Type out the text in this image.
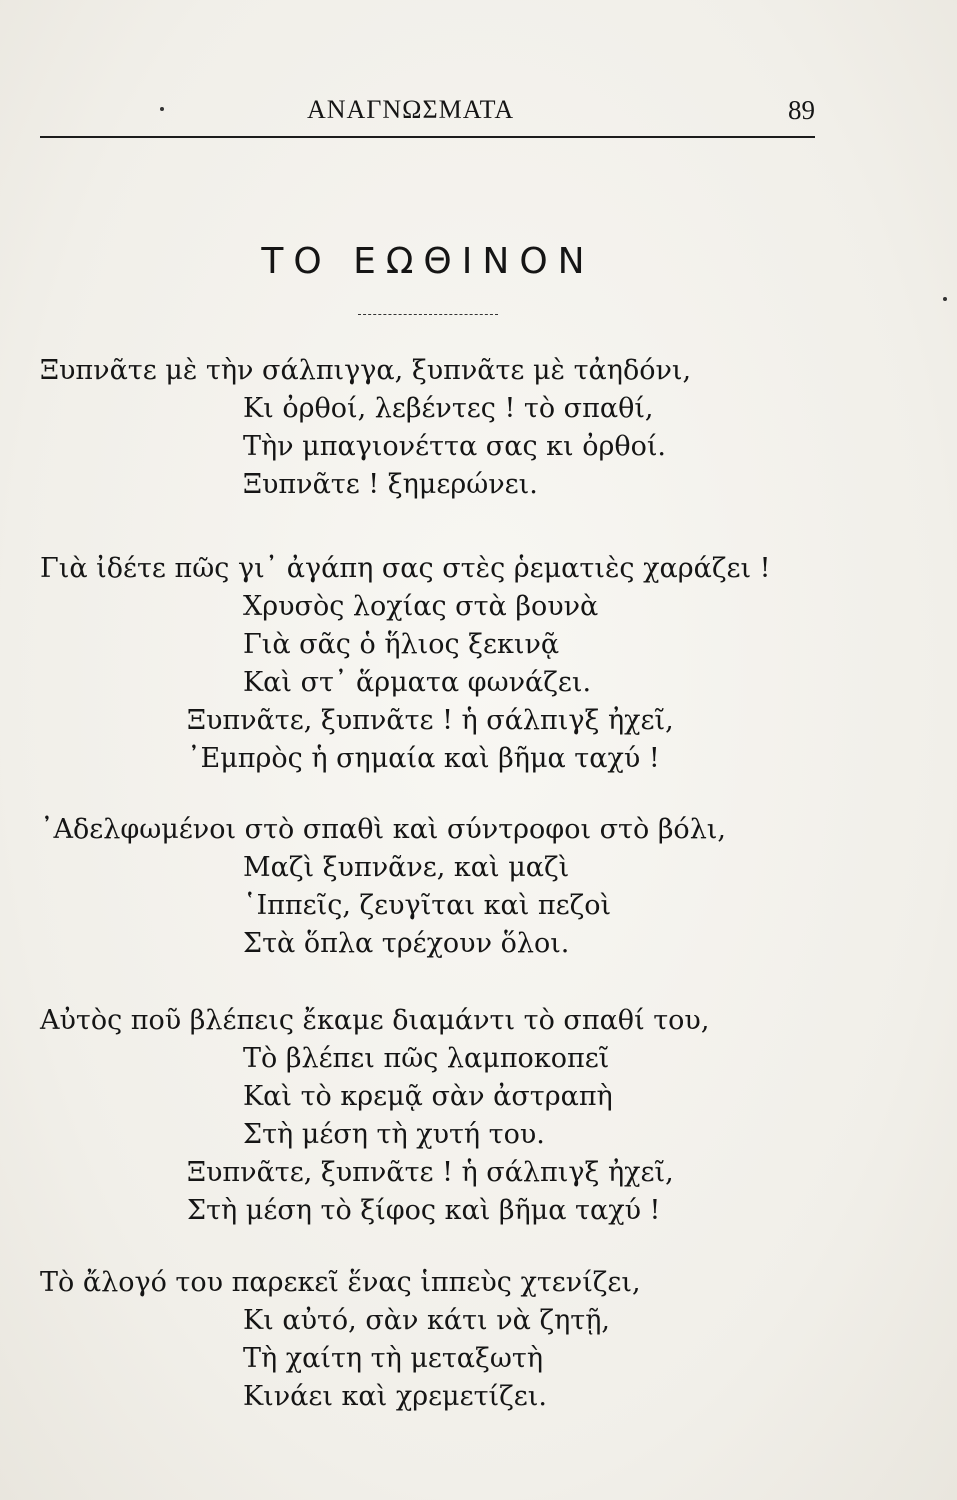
ΑΝΑΓΝΩΣΜΑΤΑ	89
ΤΟ ΕΩΘΙΝΟΝ
Ξυπνᾶτε μὲ τὴν σάλπιγγα, ξυπνᾶτε μὲ τἀηδόνι,
Κι ὀρθοί, λεβέντες ! τὸ σπαθί,
Τὴν μπαγιονέττα σας κι ὀρθοί.
Ξυπνᾶτε ! ξημερώνει.
Γιὰ ἰδέτε πῶς γι᾿ ἀγάπη σας στὲς ῥεματιὲς χαράζει !
Χρυσὸς λοχίας στὰ βουνὰ
Γιὰ σᾶς ὁ ἥλιος ξεκινᾷ
Καὶ στ᾿ ἅρματα φωνάζει.
Ξυπνᾶτε, ξυπνᾶτε ! ἡ σάλπιγξ ἠχεῖ,
᾿Εμπρὸς ἡ σημαία καὶ βῆμα ταχύ !
᾿Αδελφωμένοι στὸ σπαθὶ καὶ σύντροφοι στὸ βόλι,
Μαζὶ ξυπνᾶνε, καὶ μαζὶ
῾Ιππεῖς, ζευγῖται καὶ πεζοὶ
Στὰ ὅπλα τρέχουν ὅλοι.
Αὐτὸς ποῦ βλέπεις ἔκαμε διαμάντι τὸ σπαθί του,
Τὸ βλέπει πῶς λαμποκοπεῖ
Καὶ τὸ κρεμᾷ σὰν ἀστραπὴ
Στὴ μέση τὴ χυτή του.
Ξυπνᾶτε, ξυπνᾶτε ! ἡ σάλπιγξ ἠχεῖ,
Στὴ μέση τὸ ξίφος καὶ βῆμα ταχύ !
Τὸ ἄλογό του παρεκεῖ ἕνας ἱππεὺς χτενίζει,
Κι αὐτό, σὰν κάτι νὰ ζητῇ,
Τὴ χαίτη τὴ μεταξωτὴ
Κινάει καὶ χρεμετίζει.
